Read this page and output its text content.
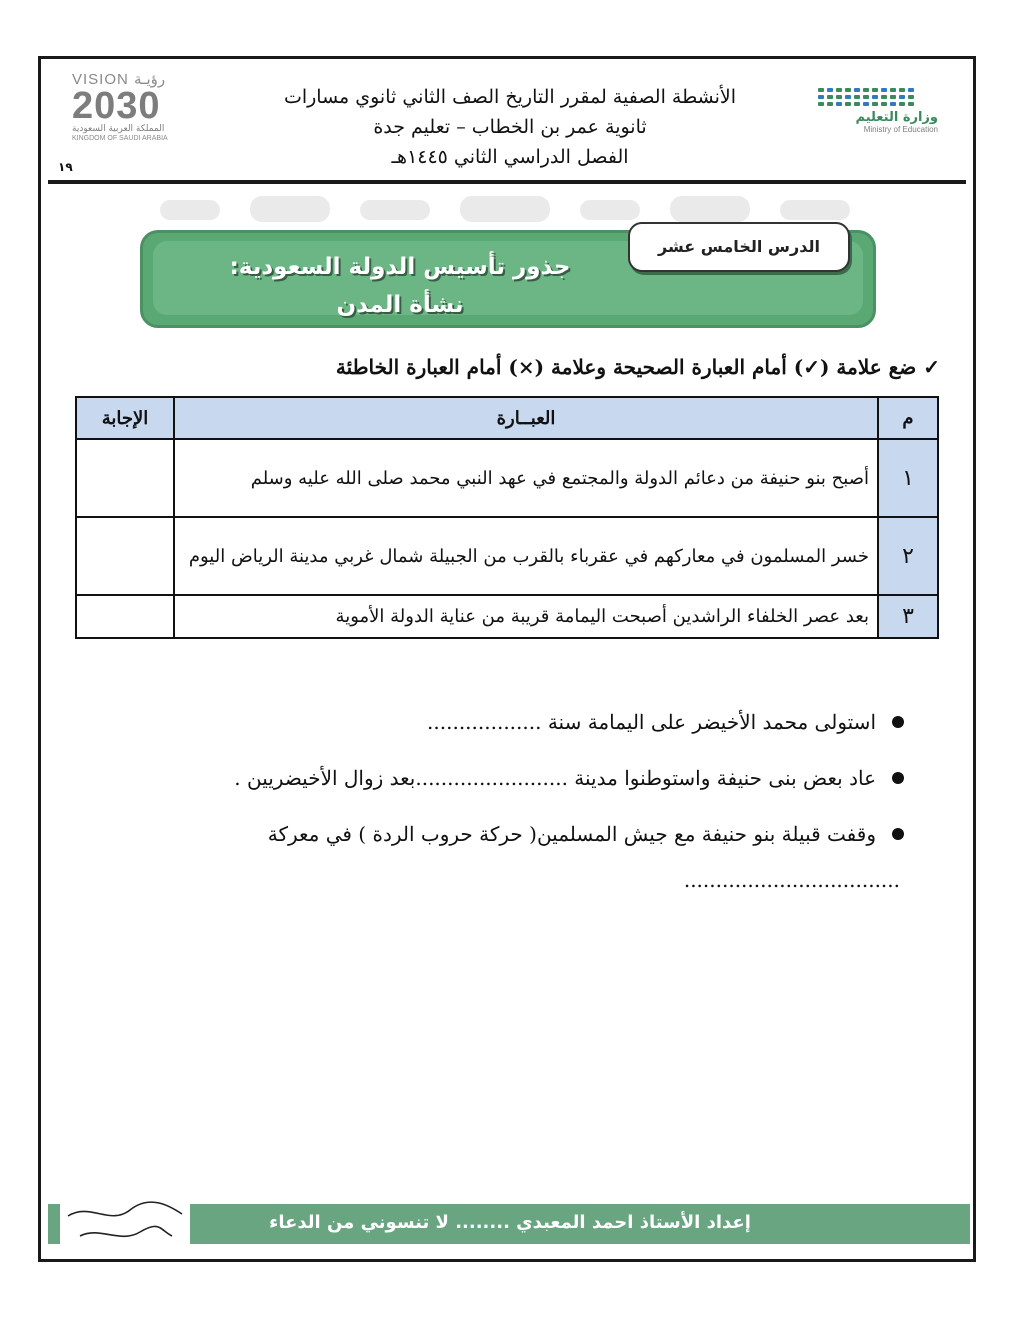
VISION رؤيـة
2030
المملكة العربية السعودية
KINGDOM OF SAUDI ARABIA
١٩
الأنشطة الصفية لمقرر التاريخ الصف الثاني ثانوي مسارات
ثانوية عمر بن الخطاب – تعليم جدة
الفصل الدراسي الثاني ١٤٤٥هـ
وزارة التعليم
Ministry of Education
جذور تأسيس الدولة السعودية:
نشأة المدن
الدرس الخامس عشر
✓ ضع علامة (✓) أمام العبارة الصحيحة وعلامة (×) أمام العبارة الخاطئة
م	العبــارة	الإجابة
١	أصبح بنو حنيفة من دعائم الدولة والمجتمع في عهد النبي محمد صلى الله عليه وسلم	
٢	خسر المسلمون في معاركهم في عقرباء بالقرب من الجبيلة شمال غربي مدينة الرياض اليوم	
٣	بعد عصر الخلفاء الراشدين أصبحت اليمامة قريبة من عناية الدولة الأموية	
استولى محمد الأخيضر على اليمامة سنة ..................
عاد بعض بنى حنيفة واستوطنوا مدينة ........................بعد زوال الأخيضريين .
وقفت قبيلة بنو حنيفة مع جيش المسلمين( حركة حروب الردة ) في معركة
..................................
إعداد الأستاذ احمد المعبدي ........ لا تنسوني من الدعاء
